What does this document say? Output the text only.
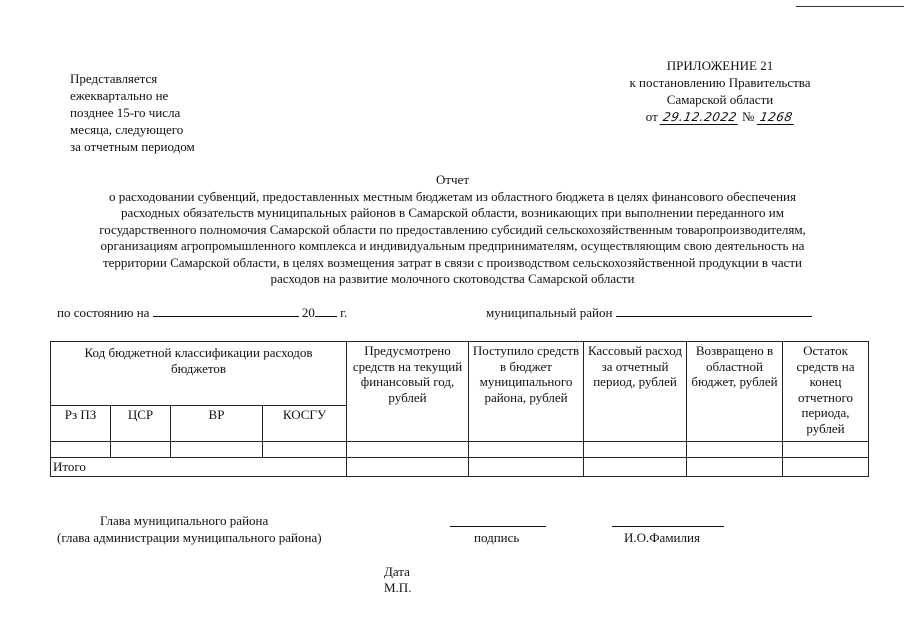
Представляется
ежеквартально не
позднее 15-го числа
месяца, следующего
за отчетным периодом
ПРИЛОЖЕНИЕ 21
к постановлению Правительства
Самарской области
от 29.12.2022 № 1268
Отчет
о расходовании субвенций, предоставленных местным бюджетам из областного бюджета в целях финансового обеспечения
расходных обязательств муниципальных районов в Самарской области, возникающих при выполнении переданного им
государственного полномочия Самарской области по предоставлению субсидий сельскохозяйственным товаропроизводителям,
организациям агропромышленного комплекса и индивидуальным предпринимателям, осуществляющим свою деятельность на
территории Самарской области, в целях возмещения затрат в связи с производством сельскохозяйственной продукции в части
расходов на развитие молочного скотоводства Самарской области
по состоянию на	20 г.	муниципальный район
Код бюджетной классификации расходов бюджетов				Предусмотрено средств на текущий финансовый год, рублей	Поступило средств в бюджет муниципального района, рублей	Кассовый расход за отчетный период, рублей	Возвращено в областной бюджет, рублей	Остаток средств на конец отчетного периода, рублей
Рз ПЗ	ЦСР	ВР	КОСГУ					

Итого								
Глава муниципального района
(глава администрации муниципального района)	подпись	И.О.Фамилия
Дата
М.П.
